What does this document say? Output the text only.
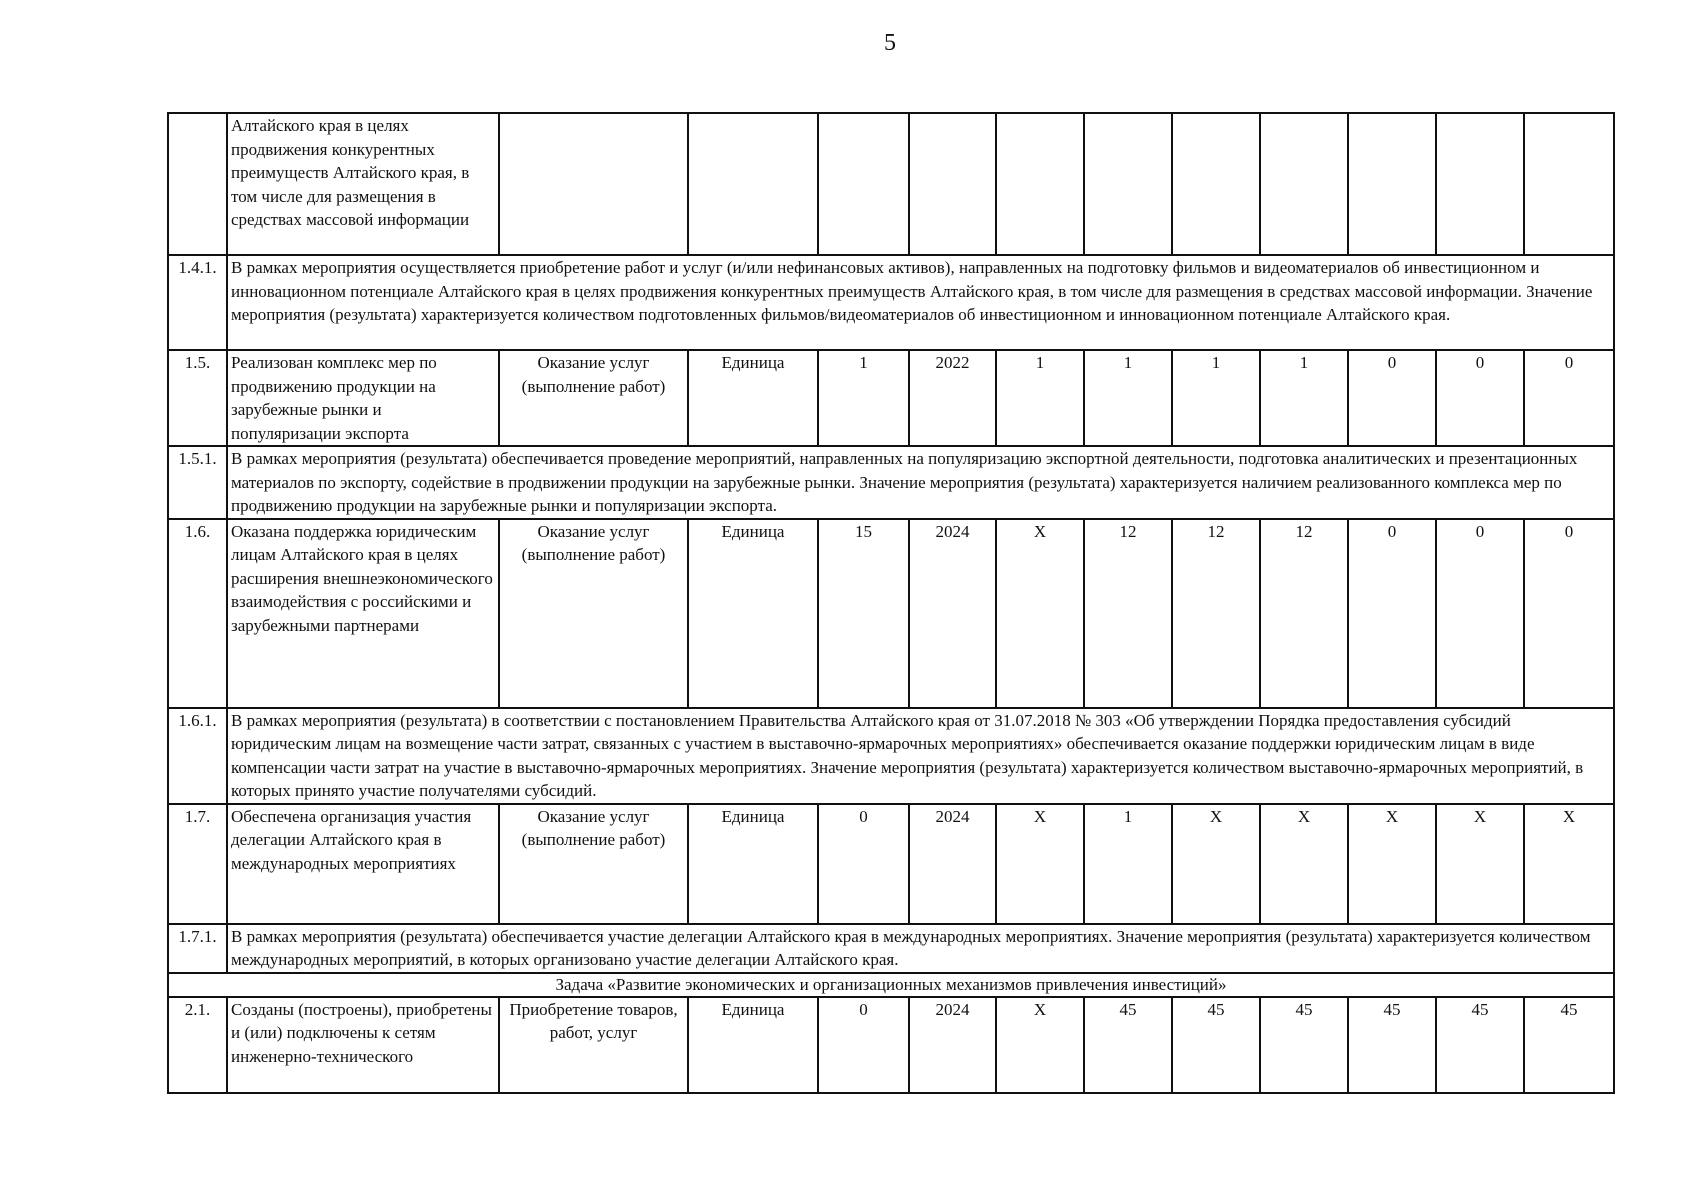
5
	Алтайского края в целях продвижения конкурентных преимуществ Алтайского края, в том числе для размещения в средствах массовой информации											
1.4.1.	В рамках мероприятия осуществляется приобретение работ и услуг (и/или нефинансовых активов), направленных на подготовку фильмов и видеоматериалов об инвестиционном и инновационном потенциале Алтайского края в целях продвижения конкурентных преимуществ Алтайского края, в том числе для размещения в средствах массовой информации. Значение мероприятия (результата) характеризуется количеством подготовленных фильмов/видеоматериалов об инвестиционном и инновационном потенциале Алтайского края.											
1.5.	Реализован комплекс мер по продвижению продукции на зарубежные рынки и популяризации экспорта	Оказание услуг (выполнение работ)	Единица	1	2022	1	1	1	1	0	0	0
1.5.1.	В рамках мероприятия (результата) обеспечивается проведение мероприятий, направленных на популяризацию экспортной деятельности, подготовка аналитических и презентационных материалов по экспорту, содействие в продвижении продукции на зарубежные рынки. Значение мероприятия (результата) характеризуется наличием реализованного комплекса мер по продвижению продукции на зарубежные рынки и популяризации экспорта.											
1.6.	Оказана поддержка юридическим лицам Алтайского края в целях расширения внешнеэкономического взаимодействия с российскими и зарубежными партнерами	Оказание услуг (выполнение работ)	Единица	15	2024	X	12	12	12	0	0	0
1.6.1.	В рамках мероприятия (результата) в соответствии с постановлением Правительства Алтайского края от 31.07.2018 № 303 «Об утверждении Порядка предоставления субсидий юридическим лицам на возмещение части затрат, связанных с участием в выставочно-ярмарочных мероприятиях» обеспечивается оказание поддержки юридическим лицам в виде компенсации части затрат на участие в выставочно-ярмарочных мероприятиях. Значение мероприятия (результата) характеризуется количеством выставочно-ярмарочных мероприятий, в которых принято участие получателями субсидий.											
1.7.	Обеспечена организация участия делегации Алтайского края в международных мероприятиях	Оказание услуг (выполнение работ)	Единица	0	2024	X	1	X	X	X	X	X
1.7.1.	В рамках мероприятия (результата) обеспечивается участие делегации Алтайского края в международных мероприятиях. Значение мероприятия (результата) характеризуется количеством международных мероприятий, в которых организовано участие делегации Алтайского края.											
Задача «Развитие экономических и организационных механизмов привлечения инвестиций»												
2.1.	Созданы (построены), приобретены и (или) подключены к сетям инженерно-технического	Приобретение товаров, работ, услуг	Единица	0	2024	X	45	45	45	45	45	45
